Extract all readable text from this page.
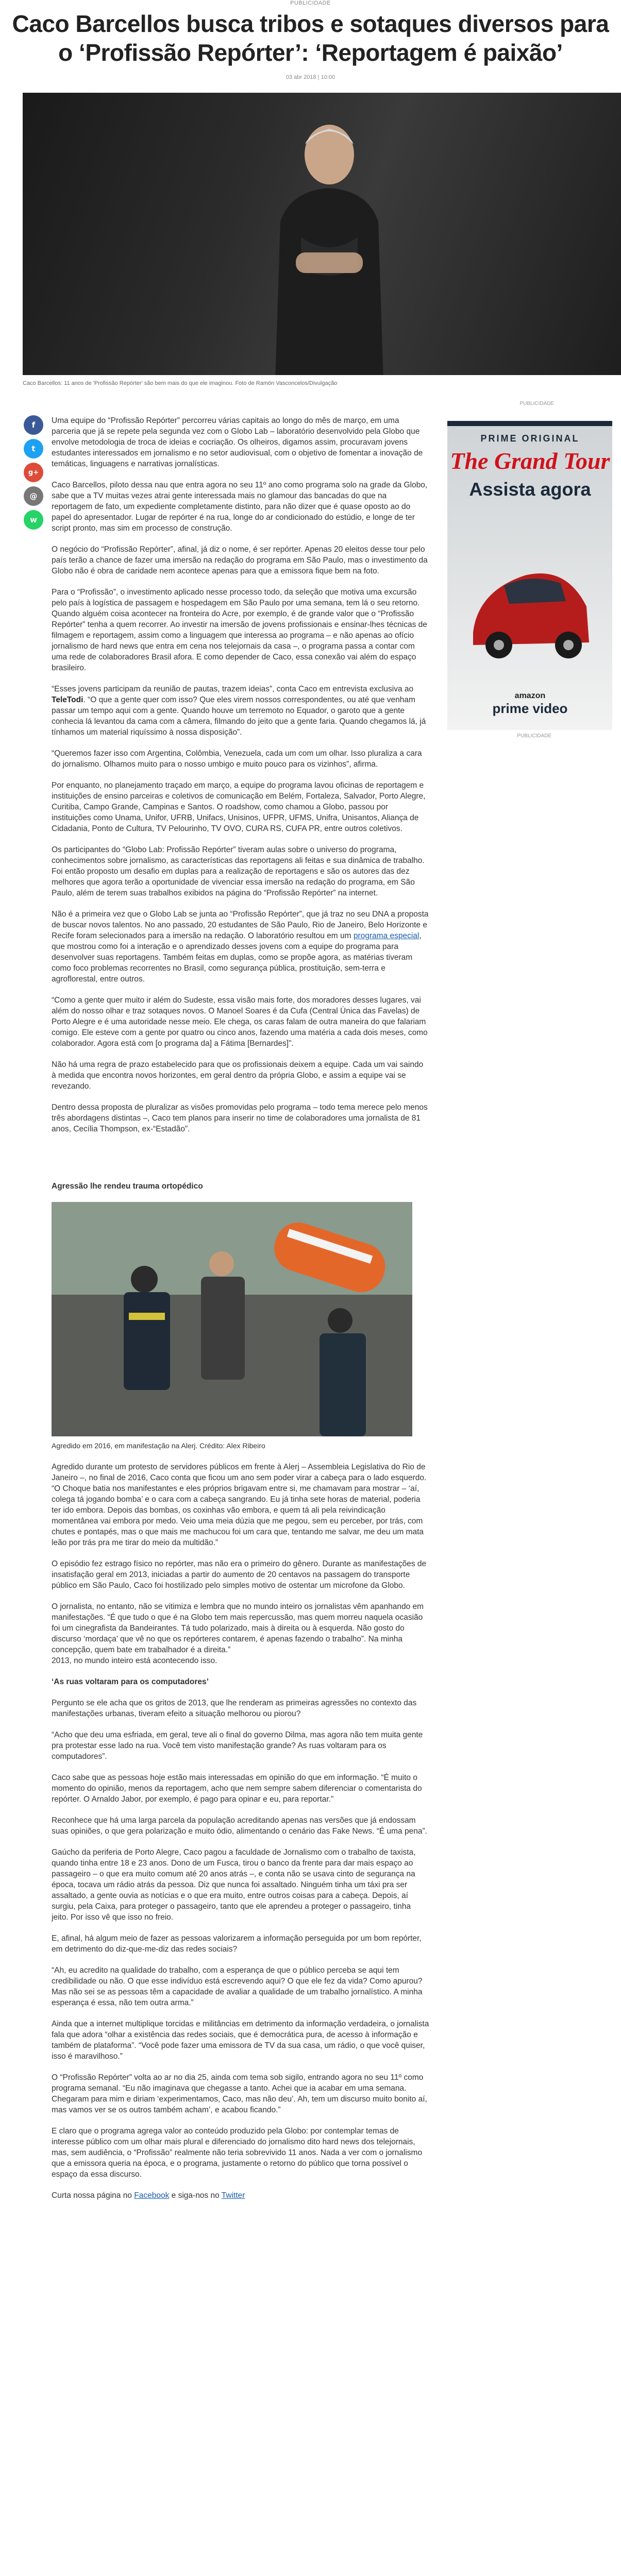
PUBLICIDADE
Caco Barcellos busca tribos e sotaques diversos para o ‘Profissão Repórter’: ‘Reportagem é paixão’
03 abr 2018 | 10:00
Caco Barcellos: 11 anos de 'Profissão Repórter' são bem mais do que ele imaginou. Foto de Ramón Vasconcelos/Divulgação
f
t
g+
@
w

Uma equipe do “Profissão Repórter” percorreu várias capitais ao longo do mês de março, em uma parceria que já se repete pela segunda vez com o Globo Lab – laboratório desenvolvido pela Globo que envolve metodologia de troca de ideias e cocriação. Os olheiros, digamos assim, procuravam jovens estudantes interessados em jornalismo e no setor audiovisual, com o objetivo de fomentar a inovação de temáticas, linguagens e narrativas jornalísticas.

Caco Barcellos, piloto dessa nau que entra agora no seu 11º ano como programa solo na grade da Globo, sabe que a TV muitas vezes atrai gente interessada mais no glamour das bancadas do que na reportagem de fato, um expediente completamente distinto, para não dizer que é quase oposto ao do papel do apresentador. Lugar de repórter é na rua, longe do ar condicionado do estúdio, e longe de ter script pronto, mas sim em processo de construção.

O negócio do “Profissão Repórter”, afinal, já diz o nome, é ser repórter. Apenas 20 eleitos desse tour pelo país terão a chance de fazer uma imersão na redação do programa em São Paulo, mas o investimento da Globo não é obra de caridade nem acontece apenas para que a emissora fique bem na foto.

Para o “Profissão”, o investimento aplicado nesse processo todo, da seleção que motiva uma excursão pelo país à logística de passagem e hospedagem em São Paulo por uma semana, tem lá o seu retorno. Quando alguém coisa acontecer na fronteira do Acre, por exemplo, é de grande valor que o “Profissão Repórter” tenha a quem recorrer. Ao investir na imersão de jovens profissionais e ensinar-lhes técnicas de filmagem e reportagem, assim como a linguagem que interessa ao programa – e não apenas ao ofício jornalismo de hard news que entra em cena nos telejornais da casa –, o programa passa a contar com uma rede de colaboradores Brasil afora. E como depender de Caco, essa conexão vai além do espaço brasileiro.

“Esses jovens participam da reunião de pautas, trazem ideias”, conta Caco em entrevista exclusiva ao TeleTodi. “O que a gente quer com isso? Que eles virem nossos correspondentes, ou até que venham passar um tempo aqui com a gente. Quando houve um terremoto no Equador, o garoto que a gente conhecia lá levantou da cama com a câmera, filmando do jeito que a gente faria. Quando chegamos lá, já tínhamos um material riquíssimo à nossa disposição”.

“Queremos fazer isso com Argentina, Colômbia, Venezuela, cada um com um olhar. Isso pluraliza a cara do jornalismo. Olhamos muito para o nosso umbigo e muito pouco para os vizinhos”, afirma.

Por enquanto, no planejamento traçado em março, a equipe do programa lavou oficinas de reportagem e instituições de ensino parceiras e coletivos de comunicação em Belém, Fortaleza, Salvador, Porto Alegre, Curitiba, Campo Grande, Campinas e Santos. O roadshow, como chamou a Globo, passou por instituições como Unama, Unifor, UFRB, Unifacs, Unisinos, UFPR, UFMS, Unifra, Unisantos, Aliança de Cidadania, Ponto de Cultura, TV Pelourinho, TV OVO, CURA RS, CUFA PR, entre outros coletivos.

Os participantes do “Globo Lab: Profissão Repórter” tiveram aulas sobre o universo do programa, conhecimentos sobre jornalismo, as características das reportagens ali feitas e sua dinâmica de trabalho. Foi então proposto um desafio em duplas para a realização de reportagens e são os autores das dez melhores que agora terão a oportunidade de vivenciar essa imersão na redação do programa, em São Paulo, além de terem suas trabalhos exibidos na página do “Profissão Repórter” na internet.

Não é a primeira vez que o Globo Lab se junta ao “Profissão Repórter”, que já traz no seu DNA a proposta de buscar novos talentos. No ano passado, 20 estudantes de São Paulo, Rio de Janeiro, Belo Horizonte e Recife foram selecionados para a imersão na redação. O laboratório resultou em um programa especial, que mostrou como foi a interação e o aprendizado desses jovens com a equipe do programa para desenvolver suas reportagens. Também feitas em duplas, como se propõe agora, as matérias tiveram como foco problemas recorrentes no Brasil, como segurança pública, prostituição, sem-terra e agroflorestal, entre outros.

“Como a gente quer muito ir além do Sudeste, essa visão mais forte, dos moradores desses lugares, vai além do nosso olhar e traz sotaques novos. O Manoel Soares é da Cufa (Central Única das Favelas) de Porto Alegre e é uma autoridade nesse meio. Ele chega, os caras falam de outra maneira do que falariam comigo. Ele esteve com a gente por quatro ou cinco anos, fazendo uma matéria a cada dois meses, como colaborador. Agora está com [o programa da] a Fátima [Bernardes]”.

Não há uma regra de prazo estabelecido para que os profissionais deixem a equipe. Cada um vai saindo à medida que encontra novos horizontes, em geral dentro da própria Globo, e assim a equipe vai se revezando.

Dentro dessa proposta de pluralizar as visões promovidas pelo programa – todo tema merece pelo menos três abordagens distintas –, Caco tem planos para inserir no time de colaboradores uma jornalista de 81 anos, Cecília Thompson, ex-“Estadão”.

Agressão lhe rendeu trauma ortopédico
Agredido em 2016, em manifestação na Alerj. Crédito: Alex Ribeiro

Agredido durante um protesto de servidores públicos em frente à Alerj – Assembleia Legislativa do Rio de Janeiro –, no final de 2016, Caco conta que ficou um ano sem poder virar a cabeça para o lado esquerdo. “O Choque batia nos manifestantes e eles próprios brigavam entre si, me chamavam para mostrar – ‘aí, colega tá jogando bomba’ e o cara com a cabeça sangrando. Eu já tinha sete horas de material, poderia ter ido embora. Depois das bombas, os coxinhas vão embora, e quem tá ali pela reivindicação momentânea vai embora por medo. Veio uma meia dúzia que me pegou, sem eu perceber, por trás, com chutes e pontapés, mas o que mais me machucou foi um cara que, tentando me salvar, me deu um mata leão por trás pra me tirar do meio da multidão.”

O episódio fez estrago físico no repórter, mas não era o primeiro do gênero. Durante as manifestações de insatisfação geral em 2013, iniciadas a partir do aumento de 20 centavos na passagem do transporte público em São Paulo, Caco foi hostilizado pelo simples motivo de ostentar um microfone da Globo.

O jornalista, no entanto, não se vitimiza e lembra que no mundo inteiro os jornalistas vêm apanhando em manifestações. “É que tudo o que é na Globo tem mais repercussão, mas quem morreu naquela ocasião foi um cinegrafista da Bandeirantes. Tá tudo polarizado, mais à direita ou à esquerda. Não gosto do discurso ‘mordaça’ que vê no que os repórteres contarem, é apenas fazendo o trabalho”. Na minha concepção, quem bate em trabalhador é a direita.”

2013, no mundo inteiro está acontecendo isso.

‘As ruas voltaram para os computadores’

Pergunto se ele acha que os gritos de 2013, que lhe renderam as primeiras agressões no contexto das manifestações urbanas, tiveram efeito a situação melhorou ou piorou?

“Acho que deu uma esfriada, em geral, teve ali o final do governo Dilma, mas agora não tem muita gente pra protestar esse lado na rua. Você tem visto manifestação grande? As ruas voltaram para os computadores”.

Caco sabe que as pessoas hoje estão mais interessadas em opinião do que em informação. “É muito o momento do opinião, menos da reportagem, acho que nem sempre sabem diferenciar o comentarista do repórter. O Arnaldo Jabor, por exemplo, é pago para opinar e eu, para reportar.”

Reconhece que há uma larga parcela da população acreditando apenas nas versões que já endossam suas opiniões, o que gera polarização e muito ódio, alimentando o cenário das Fake News. “É uma pena”.

Gaúcho da periferia de Porto Alegre, Caco pagou a faculdade de Jornalismo com o trabalho de taxista, quando tinha entre 18 e 23 anos. Dono de um Fusca, tirou o banco da frente para dar mais espaço ao passageiro – o que era muito comum até 20 anos atrás –, e conta não se usava cinto de segurança na época, tocava um rádio atrás da pessoa. Diz que nunca foi assaltado. Ninguém tinha um táxi pra ser assaltado, a gente ouvia as notícias e o que era muito, entre outros coisas para a cabeça. Depois, aí surgiu, pela Caixa, para proteger o passageiro, tanto que ele aprendeu a proteger o passageiro, tinha jeito. Por isso vê que isso no freio.

E, afinal, há algum meio de fazer as pessoas valorizarem a informação perseguida por um bom repórter, em detrimento do diz-que-me-diz das redes sociais?

“Ah, eu acredito na qualidade do trabalho, com a esperança de que o público perceba se aqui tem credibilidade ou não. O que esse indivíduo está escrevendo aqui? O que ele fez da vida? Como apurou? Mas não sei se as pessoas têm a capacidade de avaliar a qualidade de um trabalho jornalístico. A minha esperança é essa, não tem outra arma.”

Ainda que a internet multiplique torcidas e militâncias em detrimento da informação verdadeira, o jornalista fala que adora “olhar a existência das redes sociais, que é democrática pura, de acesso à informação e também de plataforma”. “Você pode fazer uma emissora de TV da sua casa, um rádio, o que você quiser, isso é maravilhoso.”

O “Profissão Repórter” volta ao ar no dia 25, ainda com tema sob sigilo, entrando agora no seu 11º como programa semanal. “Eu não imaginava que chegasse a tanto. Achei que ia acabar em uma semana. Chegaram para mim e diriam ‘experimentamos, Caco, mas não deu’. Ah, tem um discurso muito bonito aí, mas vamos ver se os outros também acham’, e acabou ficando.”

E claro que o programa agrega valor ao conteúdo produzido pela Globo: por contemplar temas de interesse público com um olhar mais plural e diferenciado do jornalismo dito hard news dos telejornais, mas, sem audiência, o “Profissão” realmente não teria sobrevivido 11 anos. Nada a ver com o jornalismo que a emissora queria na época, e o programa, justamente o retorno do público que torna possível o espaço da essa discurso.

Curta nossa página no Facebook e siga-nos no Twitter

PUBLICIDADE
PRIME ORIGINAL
The Grand Tour
Assista agora
amazon
prime video
PUBLICIDADE
